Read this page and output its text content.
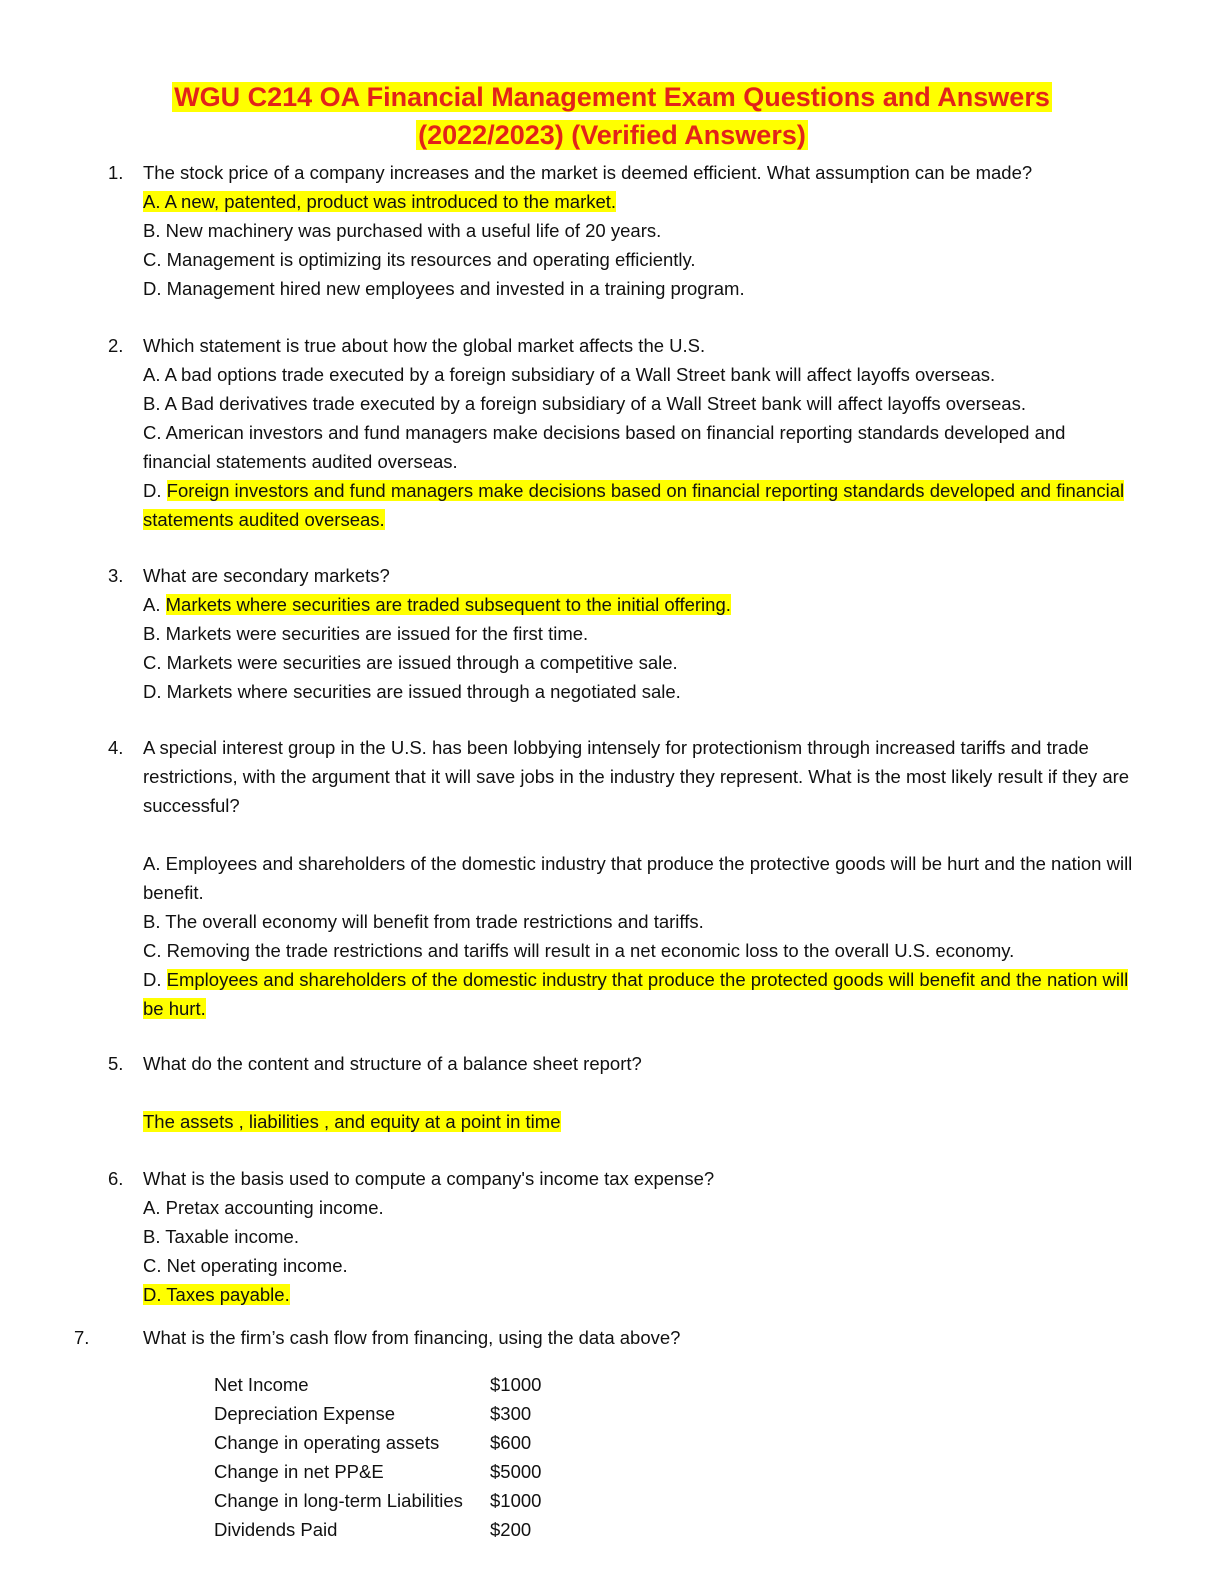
WGU C214 OA Financial Management Exam Questions and Answers
(2022/2023) (Verified Answers)
1.	The stock price of a company increases and the market is deemed efficient. What assumption can be made?
A. A new, patented, product was introduced to the market.
B. New machinery was purchased with a useful life of 20 years.
C. Management is optimizing its resources and operating efficiently.
D. Management hired new employees and invested in a training program.
2.	Which statement is true about how the global market affects the U.S.
A. A bad options trade executed by a foreign subsidiary of a Wall Street bank will affect layoffs overseas.
B. A Bad derivatives trade executed by a foreign subsidiary of a Wall Street bank will affect layoffs overseas.
C. American investors and fund managers make decisions based on financial reporting standards developed and financial statements audited overseas.
D. Foreign investors and fund managers make decisions based on financial reporting standards developed and financial statements audited overseas.
3.	What are secondary markets?
A. Markets where securities are traded subsequent to the initial offering.
B. Markets were securities are issued for the first time.
C. Markets were securities are issued through a competitive sale.
D. Markets where securities are issued through a negotiated sale.
4.	A special interest group in the U.S. has been lobbying intensely for protectionism through increased tariffs and trade restrictions, with the argument that it will save jobs in the industry they represent. What is the most likely result if they are successful?
A. Employees and shareholders of the domestic industry that produce the protective goods will be hurt and the nation will benefit.
B. The overall economy will benefit from trade restrictions and tariffs.
C. Removing the trade restrictions and tariffs will result in a net economic loss to the overall U.S. economy.
D. Employees and shareholders of the domestic industry that produce the protected goods will benefit and the nation will be hurt.
5.	What do the content and structure of a balance sheet report?
The assets , liabilities , and equity at a point in time
6.	What is the basis used to compute a company's income tax expense?
A. Pretax accounting income.
B. Taxable income.
C. Net operating income.
D. Taxes payable.
7.	What is the firm’s cash flow from financing, using the data above?
Net Income	$1000
Depreciation Expense	$300
Change in operating assets	$600
Change in net PP&E	$5000
Change in long-term Liabilities	$1000
Dividends Paid	$200
